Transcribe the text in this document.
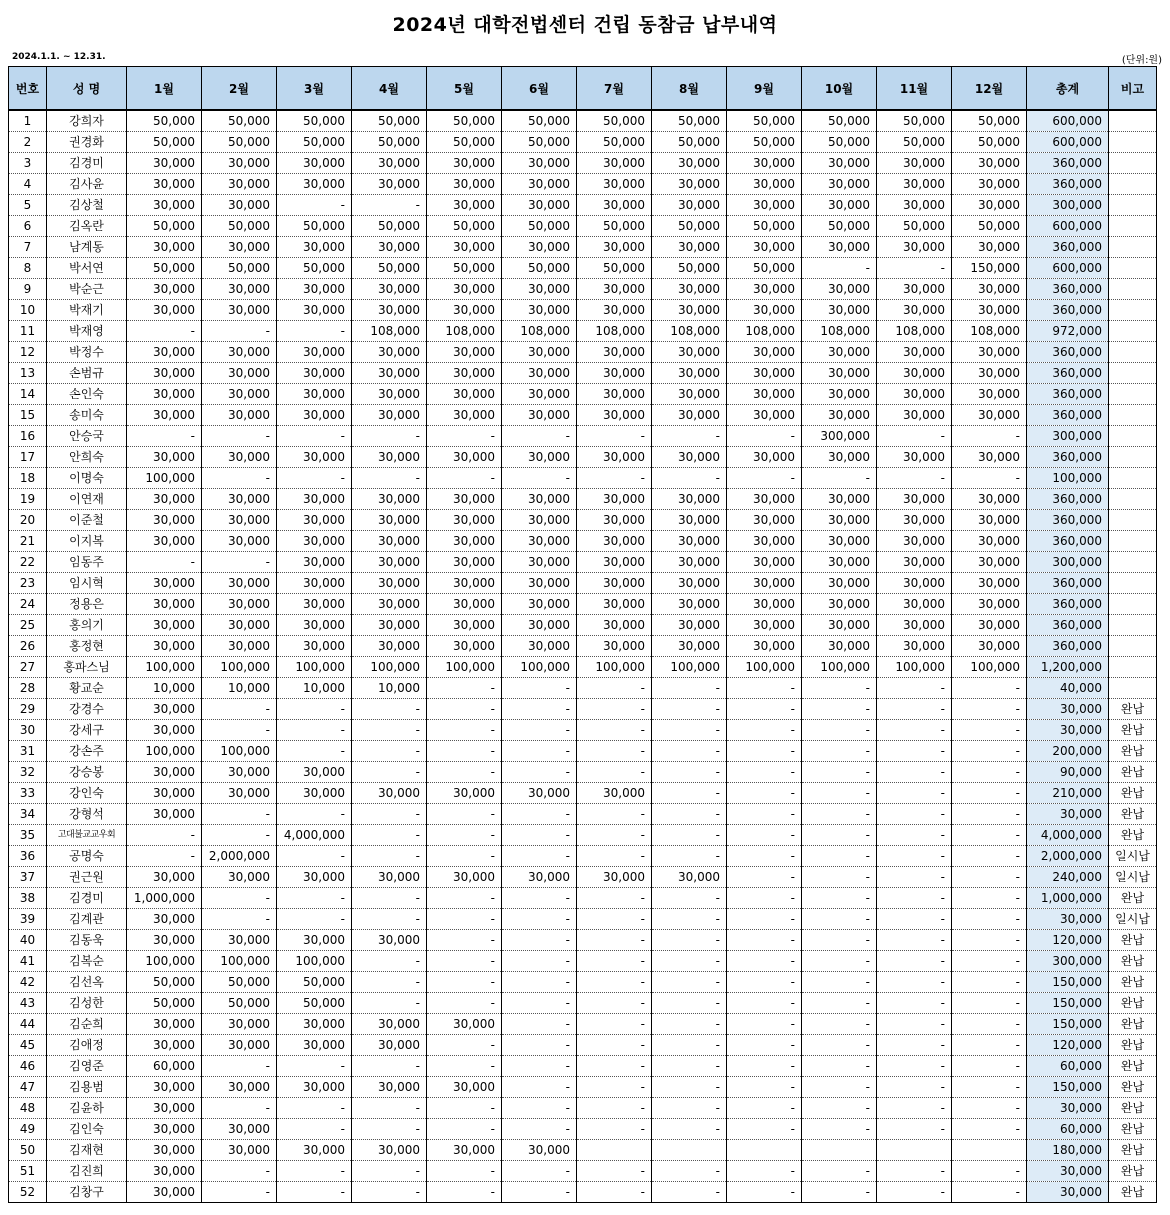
2024년 대학전법센터 건립 동참금 납부내역
2024.1.1. ~ 12.31.	(단위:원)
번호	성 명	1월	2월	3월	4월	5월	6월	7월	8월	9월	10월	11월	12월	총계	비고
1	강희자	50,000	50,000	50,000	50,000	50,000	50,000	50,000	50,000	50,000	50,000	50,000	50,000	600,000	
2	권경화	50,000	50,000	50,000	50,000	50,000	50,000	50,000	50,000	50,000	50,000	50,000	50,000	600,000	
3	김경미	30,000	30,000	30,000	30,000	30,000	30,000	30,000	30,000	30,000	30,000	30,000	30,000	360,000	
4	김사윤	30,000	30,000	30,000	30,000	30,000	30,000	30,000	30,000	30,000	30,000	30,000	30,000	360,000	
5	김상철	30,000	30,000	-	-	30,000	30,000	30,000	30,000	30,000	30,000	30,000	30,000	300,000	
6	김옥란	50,000	50,000	50,000	50,000	50,000	50,000	50,000	50,000	50,000	50,000	50,000	50,000	600,000	
7	남계동	30,000	30,000	30,000	30,000	30,000	30,000	30,000	30,000	30,000	30,000	30,000	30,000	360,000	
8	박서연	50,000	50,000	50,000	50,000	50,000	50,000	50,000	50,000	50,000	-	-	150,000	600,000	
9	박순근	30,000	30,000	30,000	30,000	30,000	30,000	30,000	30,000	30,000	30,000	30,000	30,000	360,000	
10	박재기	30,000	30,000	30,000	30,000	30,000	30,000	30,000	30,000	30,000	30,000	30,000	30,000	360,000	
11	박재영	-	-	-	108,000	108,000	108,000	108,000	108,000	108,000	108,000	108,000	108,000	972,000	
12	박정수	30,000	30,000	30,000	30,000	30,000	30,000	30,000	30,000	30,000	30,000	30,000	30,000	360,000	
13	손범규	30,000	30,000	30,000	30,000	30,000	30,000	30,000	30,000	30,000	30,000	30,000	30,000	360,000	
14	손인숙	30,000	30,000	30,000	30,000	30,000	30,000	30,000	30,000	30,000	30,000	30,000	30,000	360,000	
15	송미숙	30,000	30,000	30,000	30,000	30,000	30,000	30,000	30,000	30,000	30,000	30,000	30,000	360,000	
16	안승국	-	-	-	-	-	-	-	-	-	300,000	-	-	300,000	
17	안희숙	30,000	30,000	30,000	30,000	30,000	30,000	30,000	30,000	30,000	30,000	30,000	30,000	360,000	
18	이명숙	100,000	-	-	-	-	-	-	-	-	-	-	-	100,000	
19	이연재	30,000	30,000	30,000	30,000	30,000	30,000	30,000	30,000	30,000	30,000	30,000	30,000	360,000	
20	이준철	30,000	30,000	30,000	30,000	30,000	30,000	30,000	30,000	30,000	30,000	30,000	30,000	360,000	
21	이지복	30,000	30,000	30,000	30,000	30,000	30,000	30,000	30,000	30,000	30,000	30,000	30,000	360,000	
22	임동주	-	-	30,000	30,000	30,000	30,000	30,000	30,000	30,000	30,000	30,000	30,000	300,000	
23	임시혁	30,000	30,000	30,000	30,000	30,000	30,000	30,000	30,000	30,000	30,000	30,000	30,000	360,000	
24	정용은	30,000	30,000	30,000	30,000	30,000	30,000	30,000	30,000	30,000	30,000	30,000	30,000	360,000	
25	홍의기	30,000	30,000	30,000	30,000	30,000	30,000	30,000	30,000	30,000	30,000	30,000	30,000	360,000	
26	홍정현	30,000	30,000	30,000	30,000	30,000	30,000	30,000	30,000	30,000	30,000	30,000	30,000	360,000	
27	홍파스님	100,000	100,000	100,000	100,000	100,000	100,000	100,000	100,000	100,000	100,000	100,000	100,000	1,200,000	
28	황교순	10,000	10,000	10,000	10,000	-	-	-	-	-	-	-	-	40,000	
29	강경수	30,000	-	-	-	-	-	-	-	-	-	-	-	30,000	완납
30	강세구	30,000	-	-	-	-	-	-	-	-	-	-	-	30,000	완납
31	강손주	100,000	100,000	-	-	-	-	-	-	-	-	-	-	200,000	완납
32	강승봉	30,000	30,000	30,000	-	-	-	-	-	-	-	-	-	90,000	완납
33	강인숙	30,000	30,000	30,000	30,000	30,000	30,000	30,000	-	-	-	-	-	210,000	완납
34	강형석	30,000	-	-	-	-	-	-	-	-	-	-	-	30,000	완납
35	고대불교교우회	-	-	4,000,000	-	-	-	-	-	-	-	-	-	4,000,000	완납
36	공명숙	-	2,000,000	-	-	-	-	-	-	-	-	-	-	2,000,000	일시납
37	권근원	30,000	30,000	30,000	30,000	30,000	30,000	30,000	30,000	-	-	-	-	240,000	일시납
38	김경미	1,000,000	-	-	-	-	-	-	-	-	-	-	-	1,000,000	완납
39	김계관	30,000	-	-	-	-	-	-	-	-	-	-	-	30,000	일시납
40	김동욱	30,000	30,000	30,000	30,000	-	-	-	-	-	-	-	-	120,000	완납
41	김복순	100,000	100,000	100,000	-	-	-	-	-	-	-	-	-	300,000	완납
42	김선옥	50,000	50,000	50,000	-	-	-	-	-	-	-	-	-	150,000	완납
43	김성한	50,000	50,000	50,000	-	-	-	-	-	-	-	-	-	150,000	완납
44	김순희	30,000	30,000	30,000	30,000	30,000	-	-	-	-	-	-	-	150,000	완납
45	김애정	30,000	30,000	30,000	30,000	-	-	-	-	-	-	-	-	120,000	완납
46	김영준	60,000	-	-	-	-	-	-	-	-	-	-	-	60,000	완납
47	김용범	30,000	30,000	30,000	30,000	30,000	-	-	-	-	-	-	-	150,000	완납
48	김윤하	30,000	-	-	-	-	-	-	-	-	-	-	-	30,000	완납
49	김인숙	30,000	30,000	-	-	-	-	-	-	-	-	-	-	60,000	완납
50	김재현	30,000	30,000	30,000	30,000	30,000	30,000							180,000	완납
51	김진희	30,000	-	-	-	-	-	-	-	-	-	-	-	30,000	완납
52	김창구	30,000	-	-	-	-	-	-	-	-	-	-	-	30,000	완납
